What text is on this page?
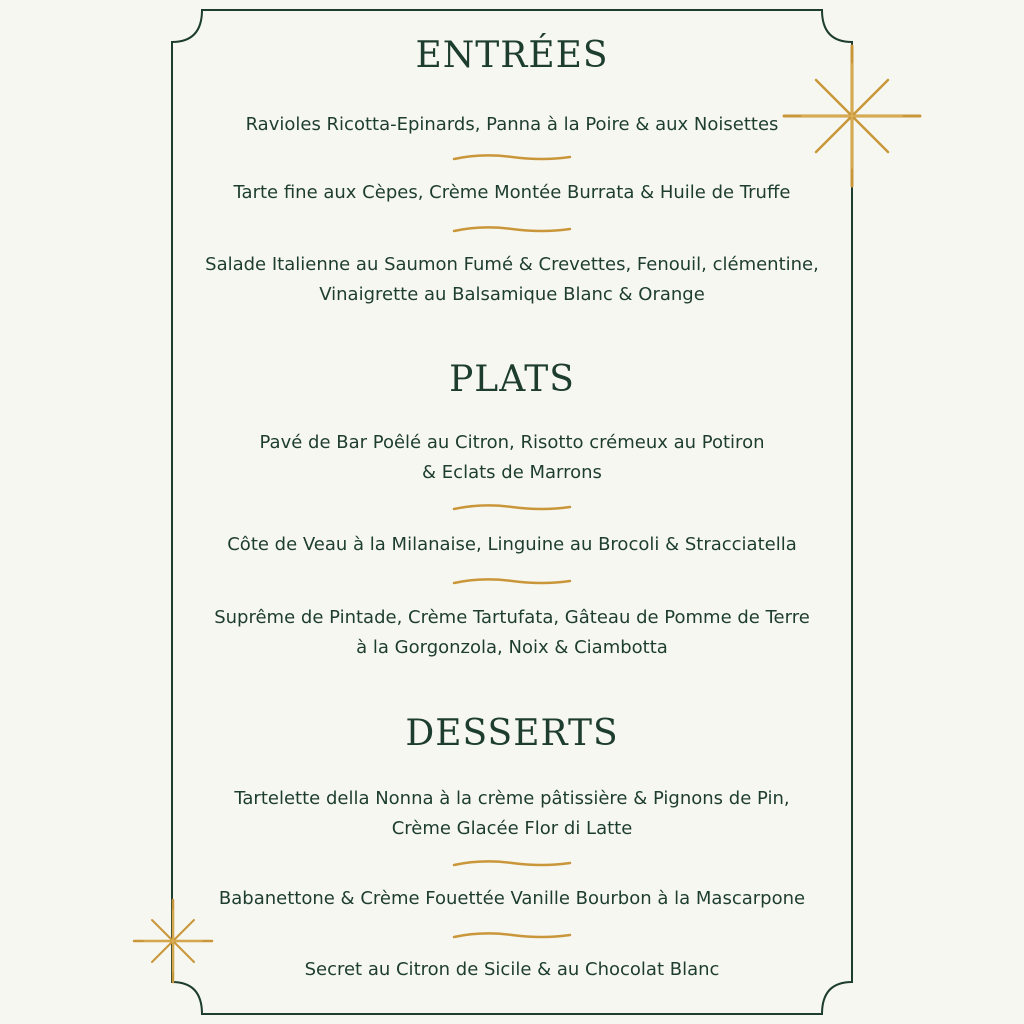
ENTRÉES

Ravioles Ricotta-Epinards, Panna à la Poire & aux Noisettes

Tarte fine aux Cèpes, Crème Montée Burrata & Huile de Truffe

Salade Italienne au Saumon Fumé & Crevettes, Fenouil, clémentine,
Vinaigrette au Balsamique Blanc & Orange

PLATS

Pavé de Bar Poêlé au Citron, Risotto crémeux au Potiron
& Eclats de Marrons

Côte de Veau à la Milanaise, Linguine au Brocoli & Stracciatella

Suprême de Pintade, Crème Tartufata, Gâteau de Pomme de Terre
à la Gorgonzola, Noix & Ciambotta

DESSERTS

Tartelette della Nonna à la crème pâtissière & Pignons de Pin,
Crème Glacée Flor di Latte

Babanettone & Crème Fouettée Vanille Bourbon à la Mascarpone

Secret au Citron de Sicile & au Chocolat Blanc
